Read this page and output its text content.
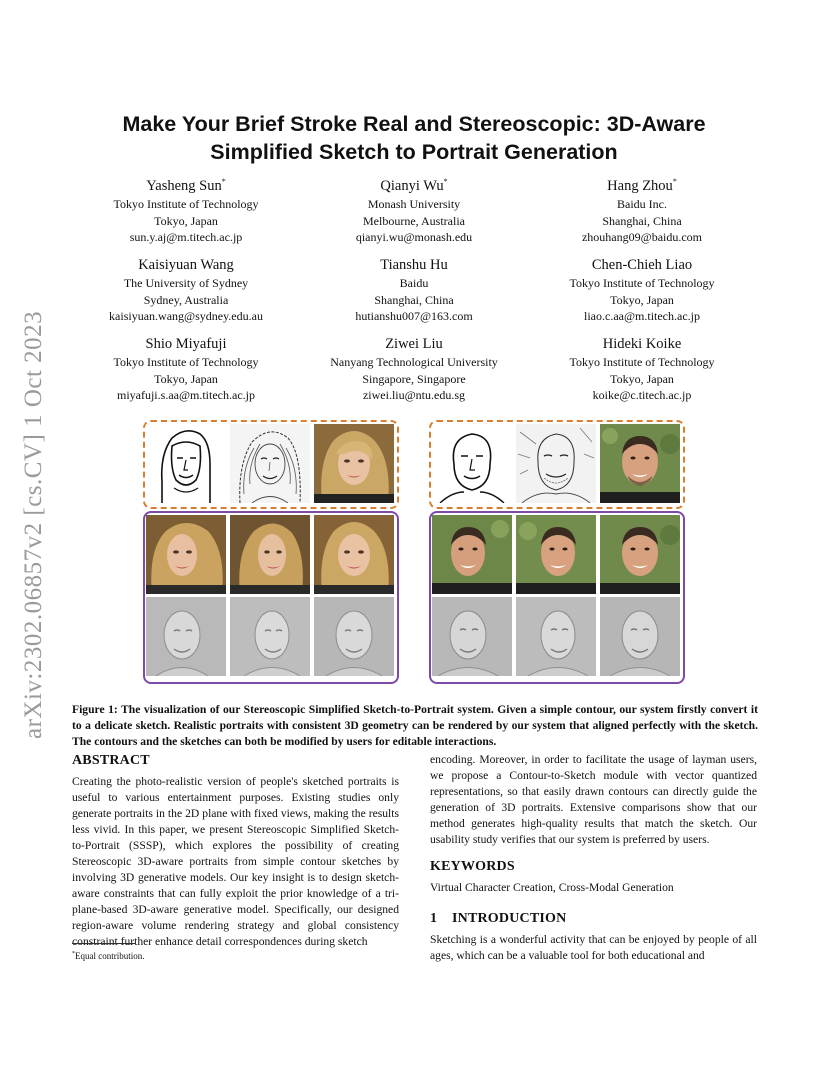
arXiv:2302.06857v2 [cs.CV] 1 Oct 2023
Make Your Brief Stroke Real and Stereoscopic: 3D-Aware
Simplified Sketch to Portrait Generation
Yasheng Sun*
Tokyo Institute of Technology
Tokyo, Japan
sun.y.aj@m.titech.ac.jp
Qianyi Wu*
Monash University
Melbourne, Australia
qianyi.wu@monash.edu
Hang Zhou*
Baidu Inc.
Shanghai, China
zhouhang09@baidu.com
Kaisiyuan Wang
The University of Sydney
Sydney, Australia
kaisiyuan.wang@sydney.edu.au
Tianshu Hu
Baidu
Shanghai, China
hutianshu007@163.com
Chen-Chieh Liao
Tokyo Institute of Technology
Tokyo, Japan
liao.c.aa@m.titech.ac.jp
Shio Miyafuji
Tokyo Institute of Technology
Tokyo, Japan
miyafuji.s.aa@m.titech.ac.jp
Ziwei Liu
Nanyang Technological University
Singapore, Singapore
ziwei.liu@ntu.edu.sg
Hideki Koike
Tokyo Institute of Technology
Tokyo, Japan
koike@c.titech.ac.jp
Figure 1: The visualization of our Stereoscopic Simplified Sketch-to-Portrait system. Given a simple contour, our system firstly convert it to a delicate sketch. Realistic portraits with consistent 3D geometry can be rendered by our system that aligned perfectly with the sketch. The contours and the sketches can both be modified by users for editable interactions.
ABSTRACT

Creating the photo-realistic version of people's sketched portraits is useful to various entertainment purposes. Existing studies only generate portraits in the 2D plane with fixed views, making the results less vivid. In this paper, we present Stereoscopic Simplified Sketch-to-Portrait (SSSP), which explores the possibility of creating Stereoscopic 3D-aware portraits from simple contour sketches by involving 3D generative models. Our key insight is to design sketch-aware constraints that can fully exploit the prior knowledge of a tri-plane-based 3D-aware generative model. Specifically, our designed region-aware volume rendering strategy and global consistency constraint further enhance detail correspondences during sketch

encoding. Moreover, in order to facilitate the usage of layman users, we propose a Contour-to-Sketch module with vector quantized representations, so that easily drawn contours can directly guide the generation of 3D portraits. Extensive comparisons show that our method generates high-quality results that match the sketch. Our usability study verifies that our system is preferred by users.

KEYWORDS

Virtual Character Creation, Cross-Modal Generation

1 INTRODUCTION

Sketching is a wonderful activity that can be enjoyed by people of all ages, which can be a valuable tool for both educational and

*Equal contribution.
